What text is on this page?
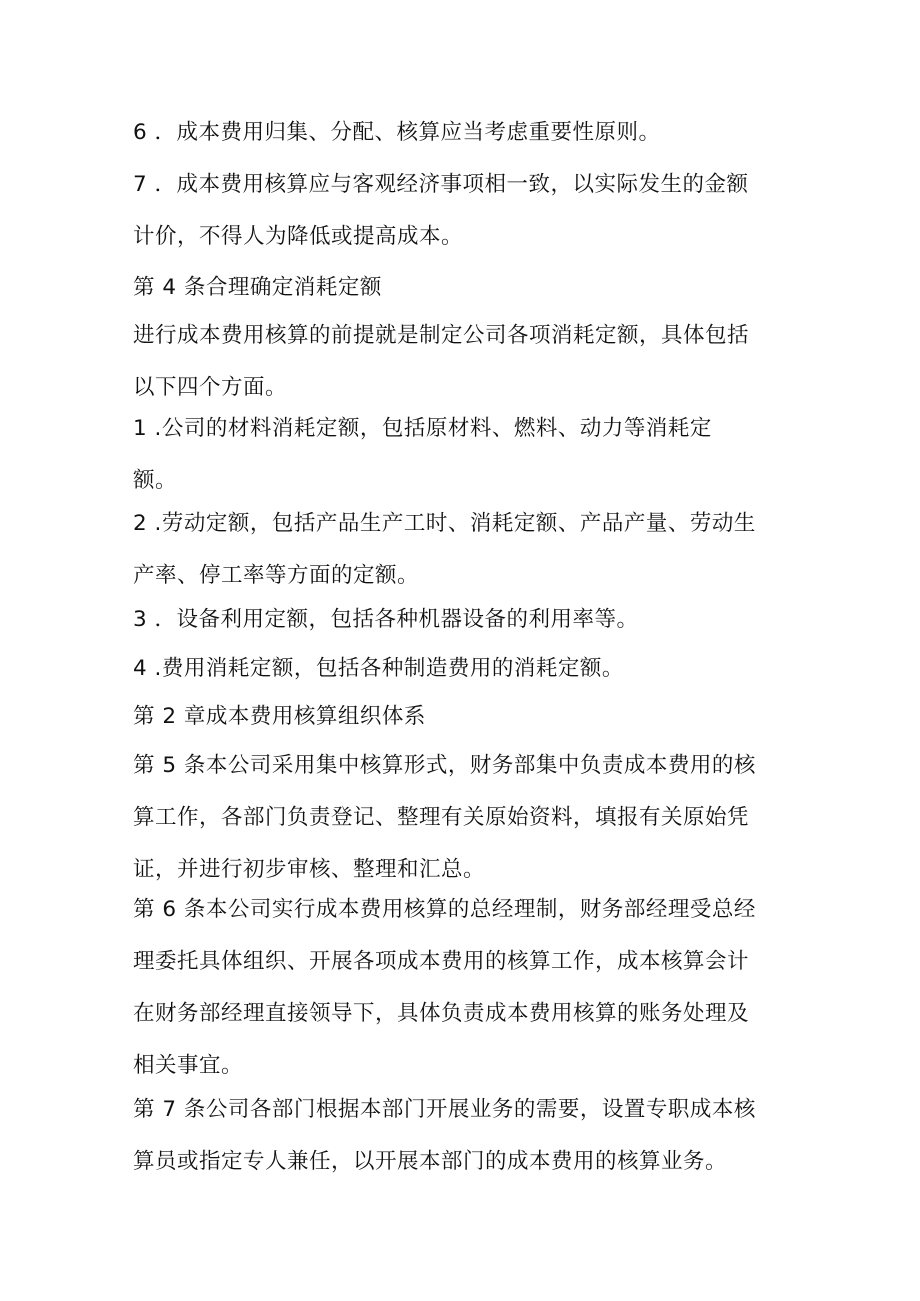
6 ．成本费用归集、分配、核算应当考虑重要性原则。
7 ．成本费用核算应与客观经济事项相一致，以实际发生的金额
计价，不得人为降低或提高成本。
第 4 条合理确定消耗定额
进行成本费用核算的前提就是制定公司各项消耗定额，具体包括
以下四个方面。
1 .公司的材料消耗定额，包括原材料、燃料、动力等消耗定
额。
2 .劳动定额，包括产品生产工时、消耗定额、产品产量、劳动生
产率、停工率等方面的定额。
3 ．设备利用定额，包括各种机器设备的利用率等。
4 .费用消耗定额，包括各种制造费用的消耗定额。
第 2 章成本费用核算组织体系
第 5 条本公司采用集中核算形式，财务部集中负责成本费用的核
算工作，各部门负责登记、整理有关原始资料，填报有关原始凭
证，并进行初步审核、整理和汇总。
第 6 条本公司实行成本费用核算的总经理制，财务部经理受总经
理委托具体组织、开展各项成本费用的核算工作，成本核算会计
在财务部经理直接领导下，具体负责成本费用核算的账务处理及
相关事宜。
第 7 条公司各部门根据本部门开展业务的需要，设置专职成本核
算员或指定专人兼任，以开展本部门的成本费用的核算业务。
